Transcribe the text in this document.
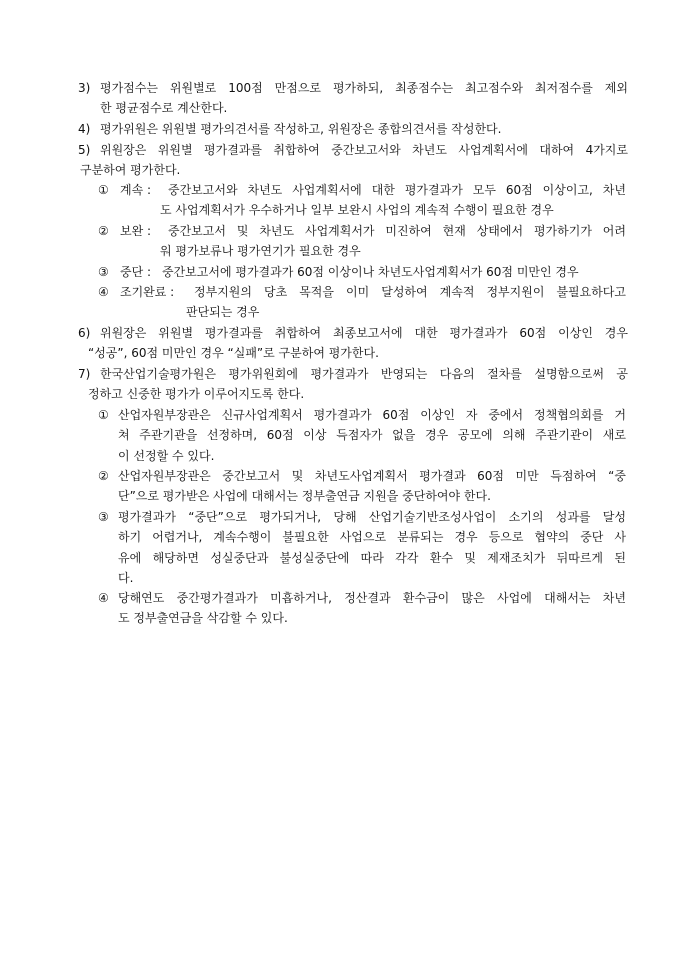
3) 평가점수는 위원별로 100점 만점으로 평가하되, 최종점수는 최고점수와 최저점수를 제외
한 평균점수로 계산한다.
4) 평가위원은 위원별 평가의견서를 작성하고, 위원장은 종합의견서를 작성한다.
5) 위원장은 위원별 평가결과를 취합하여 중간보고서와 차년도 사업계획서에 대하여 4가지로
구분하여 평가한다.
① 계속 : 중간보고서와 차년도 사업계획서에 대한 평가결과가 모두 60점 이상이고, 차년
도 사업계획서가 우수하거나 일부 보완시 사업의 계속적 수행이 필요한 경우
② 보완 : 중간보고서 및 차년도 사업계획서가 미진하여 현재 상태에서 평가하기가 어려
워 평가보류나 평가연기가 필요한 경우
③ 중단 : 중간보고서에 평가결과가 60점 이상이나 차년도사업계획서가 60점 미만인 경우
④ 조기완료 : 정부지원의 당초 목적을 이미 달성하여 계속적 정부지원이 불필요하다고
판단되는 경우
6) 위원장은 위원별 평가결과를 취합하여 최종보고서에 대한 평가결과가 60점 이상인 경우
“성공”, 60점 미만인 경우 “실패”로 구분하여 평가한다.
7) 한국산업기술평가원은 평가위원회에 평가결과가 반영되는 다음의 절차를 설명함으로써 공
정하고 신중한 평가가 이루어지도록 한다.
① 산업자원부장관은 신규사업계획서 평가결과가 60점 이상인 자 중에서 정책협의회를 거
쳐 주관기관을 선정하며, 60점 이상 득점자가 없을 경우 공모에 의해 주관기관이 새로
이 선정할 수 있다.
② 산업자원부장관은 중간보고서 및 차년도사업계획서 평가결과 60점 미만 득점하여 “중
단”으로 평가받은 사업에 대해서는 정부출연금 지원을 중단하여야 한다.
③ 평가결과가 “중단”으로 평가되거나, 당해 산업기술기반조성사업이 소기의 성과를 달성
하기 어렵거나, 계속수행이 불필요한 사업으로 분류되는 경우 등으로 협약의 중단 사
유에 해당하면 성실중단과 불성실중단에 따라 각각 환수 및 제재조치가 뒤따르게 된
다.
④ 당해연도 중간평가결과가 미흡하거나, 정산결과 환수금이 많은 사업에 대해서는 차년
도 정부출연금을 삭감할 수 있다.
